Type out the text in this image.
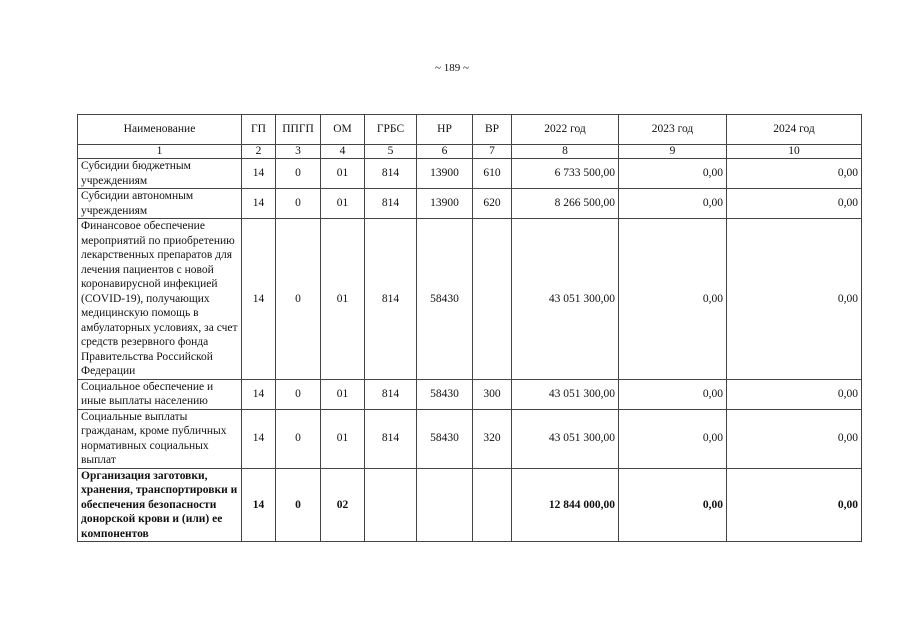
~ 189 ~
Наименование	ГП	ППГП	ОМ	ГРБС	НР	ВР	2022 год	2023 год	2024 год
1	2	3	4	5	6	7	8	9	10
Субсидии бюджетным учреждениям	14	0	01	814	13900	610	6 733 500,00	0,00	0,00
Субсидии автономным учреждениям	14	0	01	814	13900	620	8 266 500,00	0,00	0,00
Финансовое обеспечение мероприятий по приобретению лекарственных препаратов для лечения пациентов с новой коронавирусной инфекцией (COVID-19), получающих медицинскую помощь в амбулаторных условиях, за счет средств резервного фонда Правительства Российской Федерации	14	0	01	814	58430		43 051 300,00	0,00	0,00
Социальное обеспечение и иные выплаты населению	14	0	01	814	58430	300	43 051 300,00	0,00	0,00
Социальные выплаты гражданам, кроме публичных нормативных социальных выплат	14	0	01	814	58430	320	43 051 300,00	0,00	0,00
Организация заготовки, хранения, транспортировки и обеспечения безопасности донорской крови и (или) ее компонентов	14	0	02				12 844 000,00	0,00	0,00
